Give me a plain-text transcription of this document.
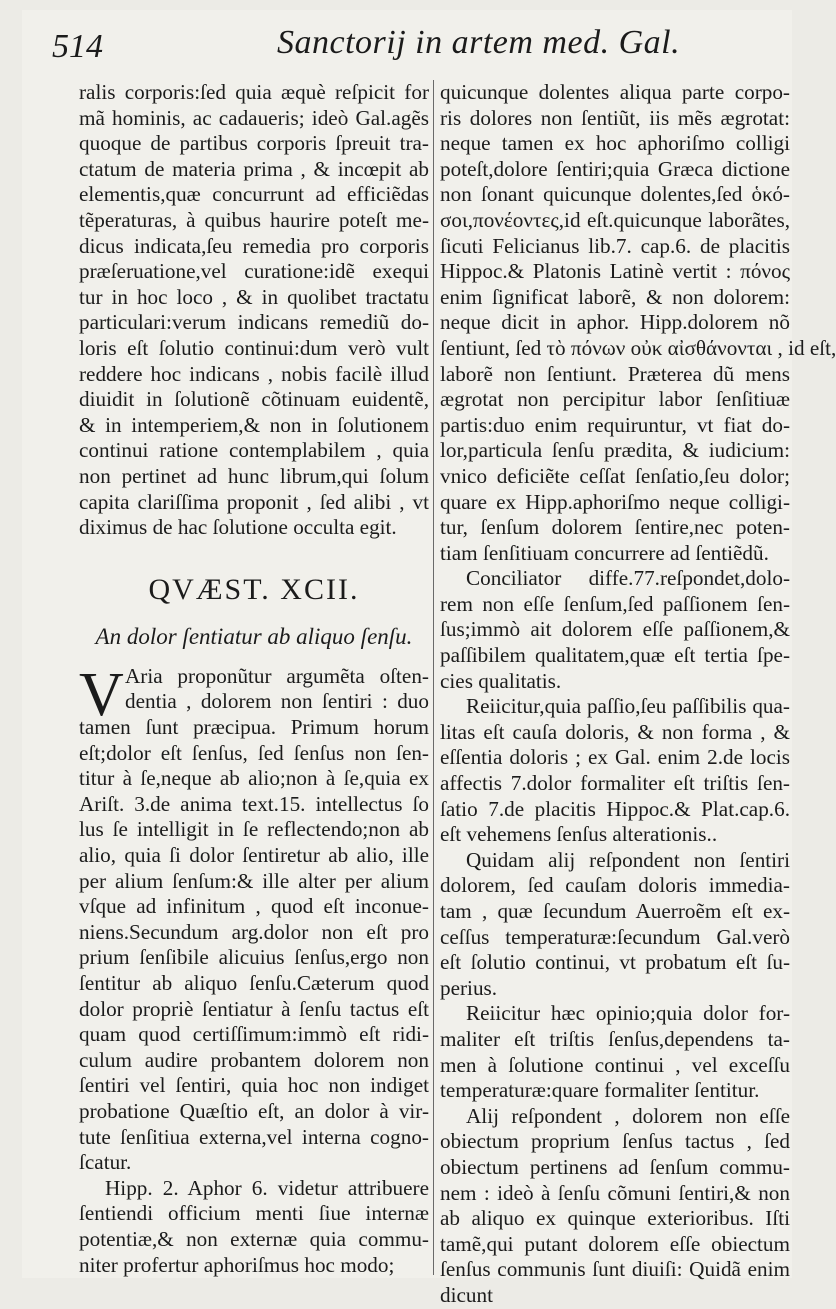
514	Sanctorij in artem med. Gal.
ralis corporis:ſed quia æquè reſpicit for
mã hominis, ac cadaueris; ideò Gal.agẽs
quoque de partibus corporis ſpreuit tra-
ctatum de materia prima , & incœpit ab
elementis,quæ concurrunt ad efficiẽdas
tẽperaturas, à quibus haurire poteſt me-
dicus indicata,ſeu remedia pro corporis
præſeruatione,vel curatione:idẽ exequi
tur in hoc loco , & in quolibet tractatu
particulari:verum indicans remediũ do-
loris eſt ſolutio continui:dum verò vult
reddere hoc indicans , nobis facilè illud
diuidit in ſolutionẽ cõtinuam euidentẽ,
& in intemperiem,& non in ſolutionem
continui ratione contemplabilem , quia
non pertinet ad hunc librum,qui ſolum
capita clariſſima proponit , ſed alibi , vt
diximus de hac ſolutione occulta egit.
QVÆST. XCII.
An dolor ſentiatur ab aliquo ſenſu.
V Aria proponũtur argumẽta oſten-
dentia , dolorem non ſentiri : duo
tamen ſunt præcipua. Primum horum
eſt;dolor eſt ſenſus, ſed ſenſus non ſen-
titur à ſe,neque ab alio;non à ſe,quia ex
Ariſt. 3.de anima text.15. intellectus ſo
lus ſe intelligit in ſe reflectendo;non ab
alio, quia ſi dolor ſentiretur ab alio, ille
per alium ſenſum:& ille alter per alium
vſque ad infinitum , quod eſt inconue-
niens.Secundum arg.dolor non eſt pro
prium ſenſibile alicuius ſenſus,ergo non
ſentitur ab aliquo ſenſu.Cæterum quod
dolor propriè ſentiatur à ſenſu tactus eſt
quam quod certiſſimum:immò eſt ridi-
culum audire probantem dolorem non
ſentiri vel ſentiri, quia hoc non indiget
probatione Quæſtio eſt, an dolor à vir-
tute ſenſitiua externa,vel interna cogno-
ſcatur.
Hipp. 2. Aphor 6. videtur attribuere
ſentiendi officium menti ſiue internæ
potentiæ,& non externæ quia commu-
niter profertur aphoriſmus hoc modo;
quicunque dolentes aliqua parte corpo-
ris dolores non ſentiũt, iis mẽs ægrotat:
neque tamen ex hoc aphoriſmo colligi
poteſt,dolore ſentiri;quia Græca dictione
non ſonant quicunque dolentes,ſed ὁκό-
σοι,πονέοντες,id eſt.quicunque laborãtes,
ſicuti Felicianus lib.7. cap.6. de placitis
Hippoc.& Platonis Latinè vertit : πόνος
enim ſignificat laborẽ, & non dolorem:
neque dicit in aphor. Hipp.dolorem nõ
ſentiunt, ſed τὸ πόνων οὐκ αἰσθάνονται , id eſt,
laborẽ non ſentiunt. Præterea dũ mens
ægrotat non percipitur labor ſenſitiuæ
partis:duo enim requiruntur, vt fiat do-
lor,particula ſenſu prædita, & iudicium:
vnico deficiẽte ceſſat ſenſatio,ſeu dolor;
quare ex Hipp.aphoriſmo neque colligi-
tur, ſenſum dolorem ſentire,nec poten-
tiam ſenſitiuam concurrere ad ſentiẽdũ.
Conciliator diffe.77.reſpondet,dolo-
rem non eſſe ſenſum,ſed paſſionem ſen-
ſus;immò ait dolorem eſſe paſſionem,&
paſſibilem qualitatem,quæ eſt tertia ſpe-
cies qualitatis.
Reiicitur,quia paſſio,ſeu paſſibilis qua-
litas eſt cauſa doloris, & non forma , &
eſſentia doloris ; ex Gal. enim 2.de locis
affectis 7.dolor formaliter eſt triſtis ſen-
ſatio 7.de placitis Hippoc.& Plat.cap.6.
eſt vehemens ſenſus alterationis..
Quidam alij reſpondent non ſentiri
dolorem, ſed cauſam doloris immedia-
tam , quæ ſecundum Auerroẽm eſt ex-
ceſſus temperaturæ:ſecundum Gal.verò
eſt ſolutio continui, vt probatum eſt ſu-
perius.
Reiicitur hæc opinio;quia dolor for-
maliter eſt triſtis ſenſus,dependens ta-
men à ſolutione continui , vel exceſſu
temperaturæ:quare formaliter ſentitur.
Alij reſpondent , dolorem non eſſe
obiectum proprium ſenſus tactus , ſed
obiectum pertinens ad ſenſum commu-
nem : ideò à ſenſu cõmuni ſentiri,& non
ab aliquo ex quinque exterioribus. Iſti
tamẽ,qui putant dolorem eſſe obiectum
ſenſus communis ſunt diuiſi: Quidã enim
dicunt
